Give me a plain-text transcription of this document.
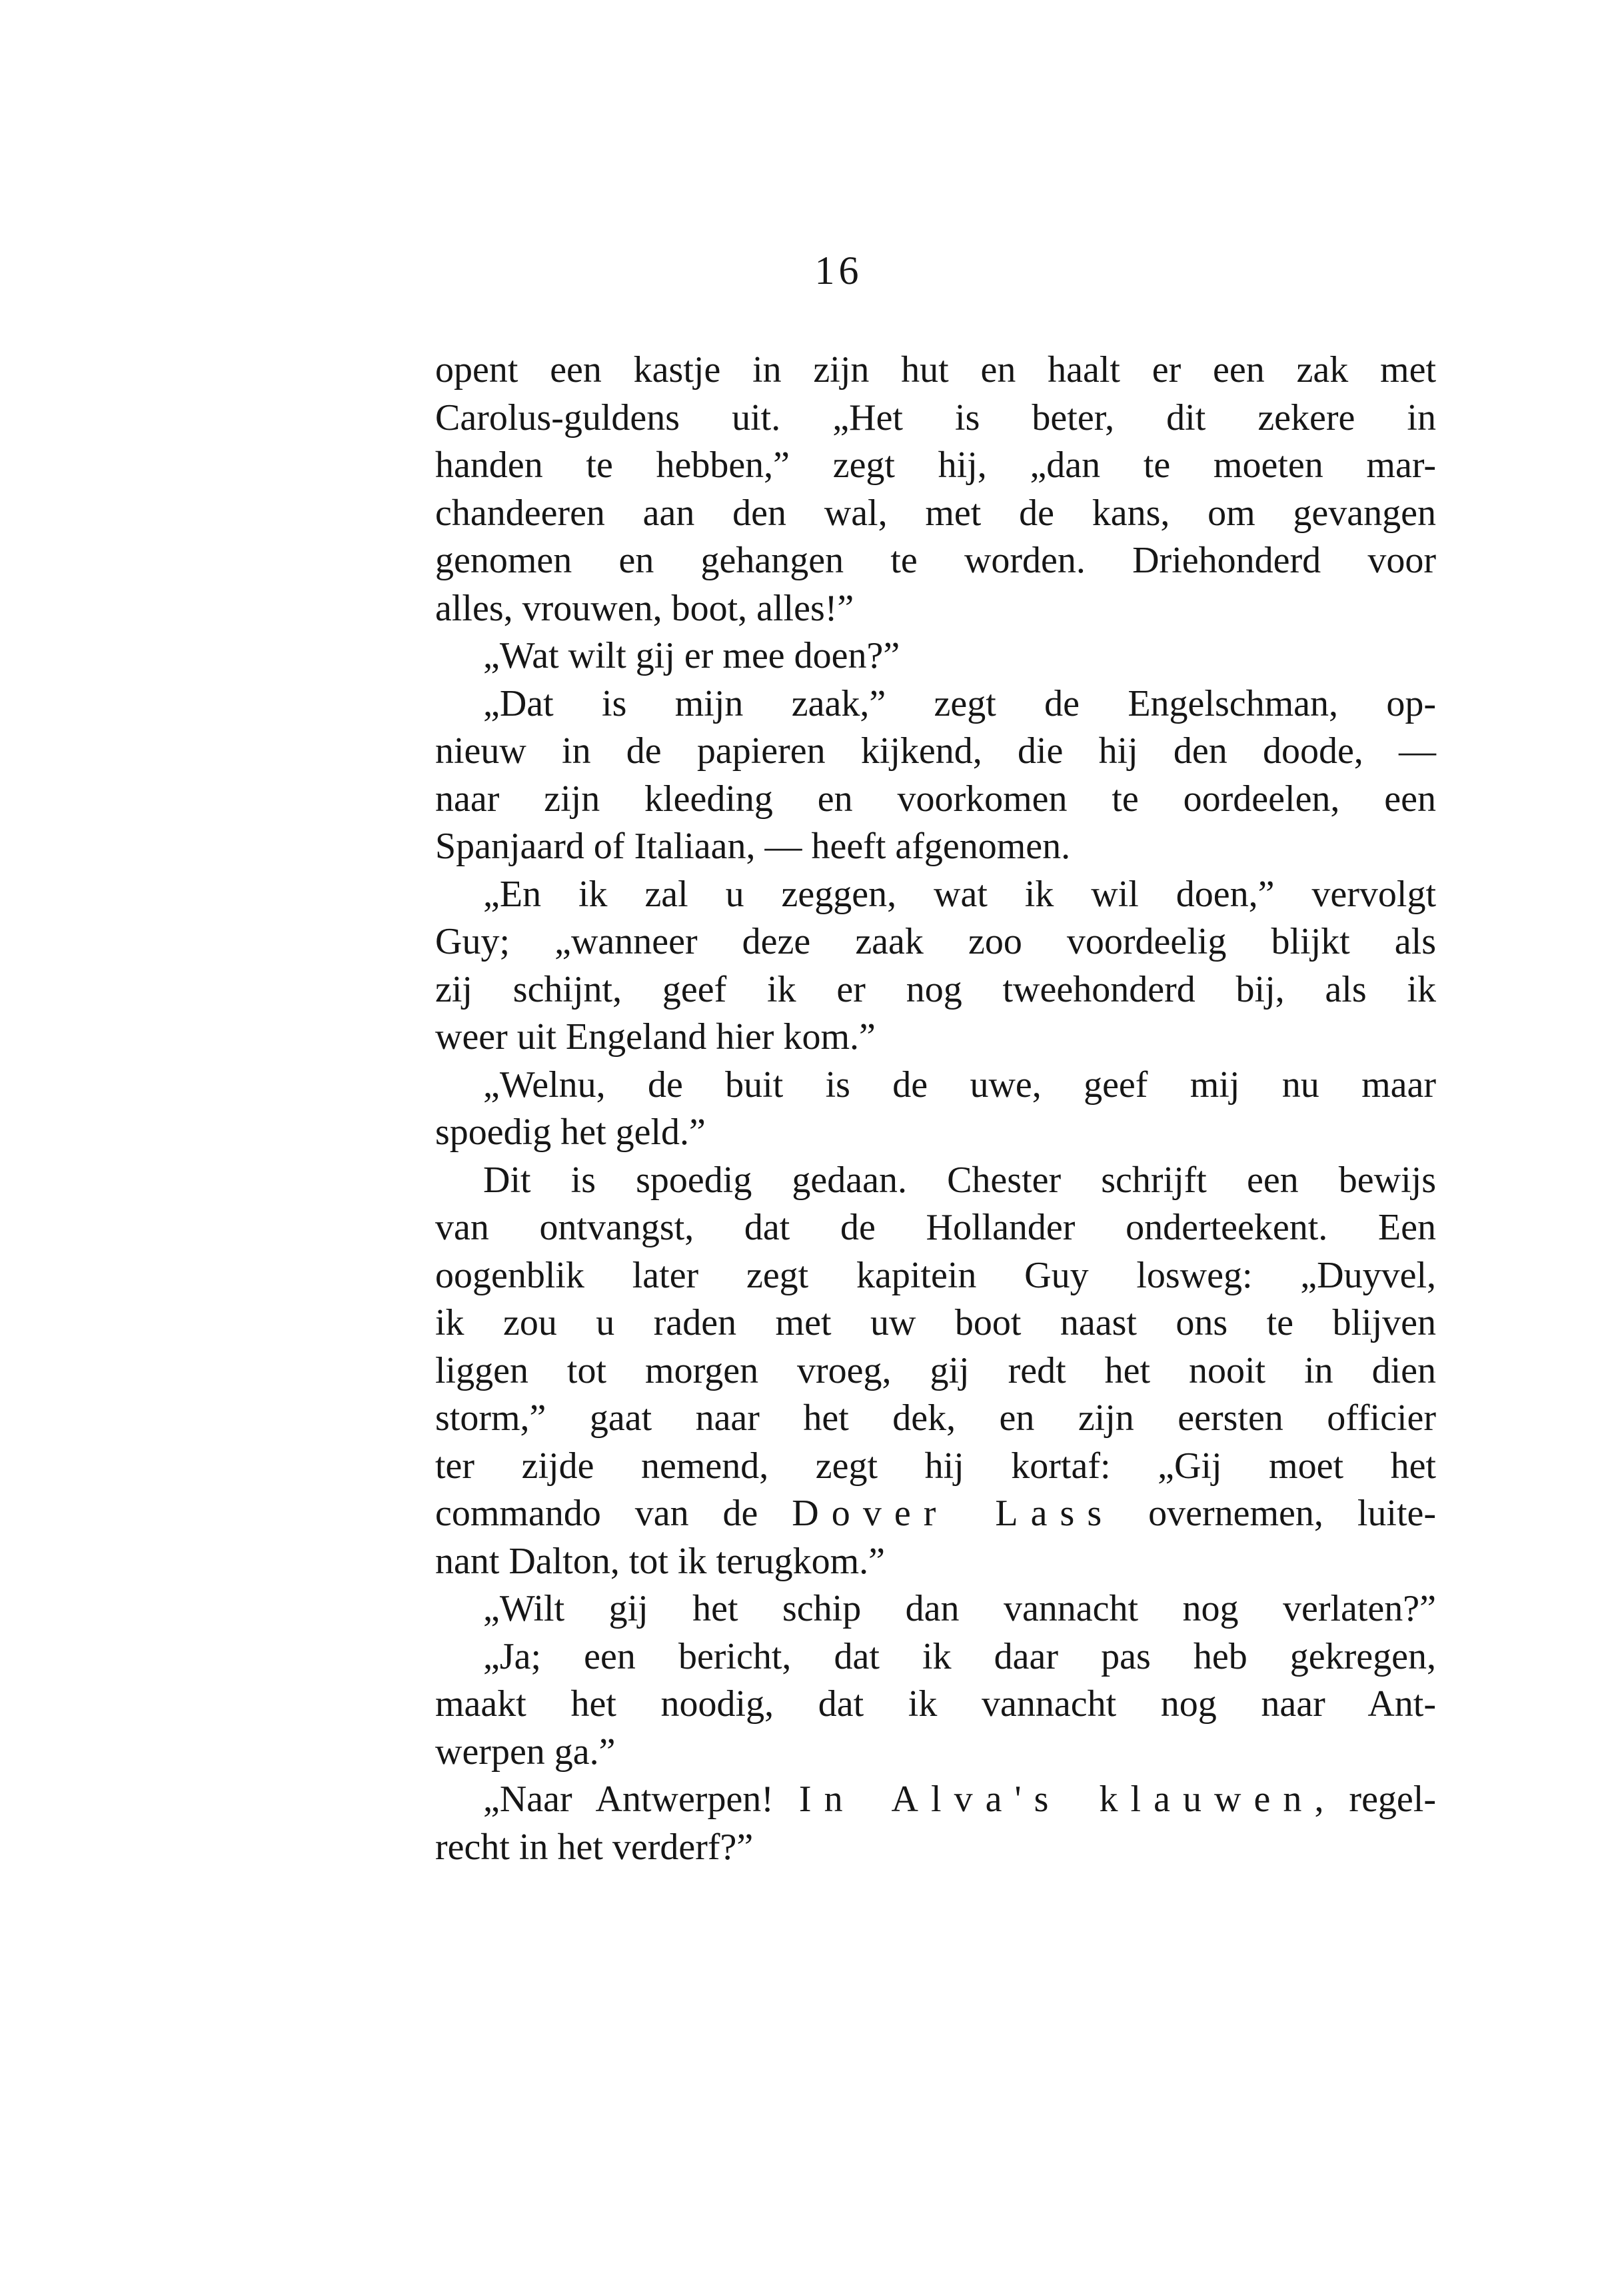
16
opent een kastje in zijn hut en haalt er een zak met
Carolus-guldens uit. „Het is beter, dit zekere in
handen te hebben,” zegt hij, „dan te moeten mar-
chandeeren aan den wal, met de kans, om gevangen
genomen en gehangen te worden. Driehonderd voor
alles, vrouwen, boot, alles!”
„Wat wilt gij er mee doen?”
„Dat is mijn zaak,” zegt de Engelschman, op-
nieuw in de papieren kijkend, die hij den doode, —
naar zijn kleeding en voorkomen te oordeelen, een
Spanjaard of Italiaan, — heeft afgenomen.
„En ik zal u zeggen, wat ik wil doen,” vervolgt
Guy; „wanneer deze zaak zoo voordeelig blijkt als
zij schijnt, geef ik er nog tweehonderd bij, als ik
weer uit Engeland hier kom.”
„Welnu, de buit is de uwe, geef mij nu maar
spoedig het geld.”
Dit is spoedig gedaan. Chester schrijft een bewijs
van ontvangst, dat de Hollander onderteekent. Een
oogenblik later zegt kapitein Guy losweg: „Duyvel,
ik zou u raden met uw boot naast ons te blijven
liggen tot morgen vroeg, gij redt het nooit in dien
storm,” gaat naar het dek, en zijn eersten officier
ter zijde nemend, zegt hij kortaf: „Gij moet het
commando van de Dover Lass overnemen, luite-
nant Dalton, tot ik terugkom.”
„Wilt gij het schip dan vannacht nog verlaten?”
„Ja; een bericht, dat ik daar pas heb gekregen,
maakt het noodig, dat ik vannacht nog naar Ant-
werpen ga.”
„Naar Antwerpen! In Alva's klauwen, regel-
recht in het verderf?”
